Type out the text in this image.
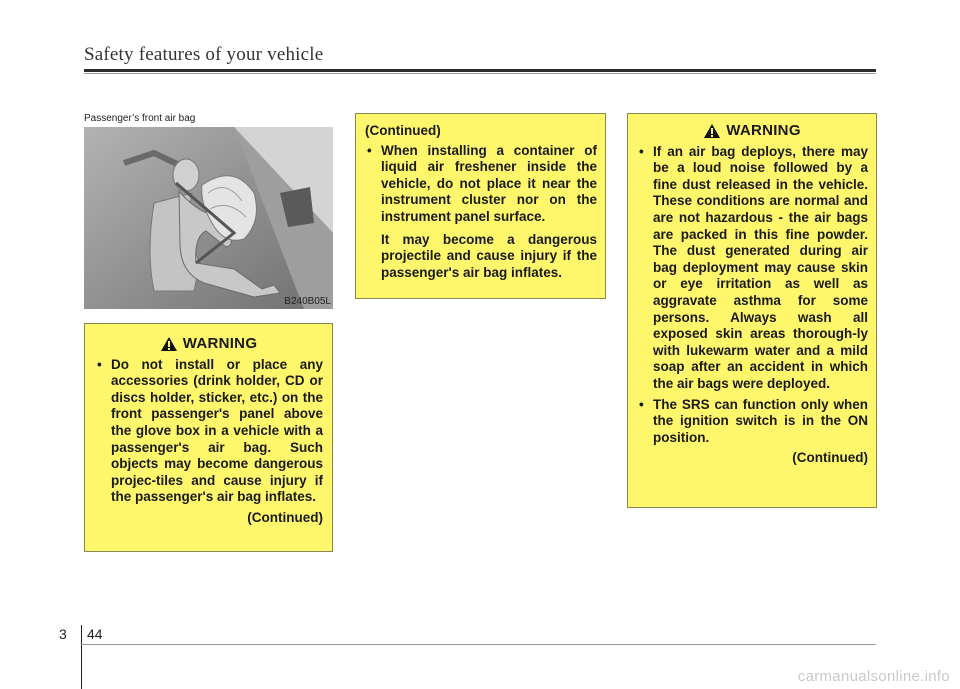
Safety features of your vehicle
Passenger’s front air bag
B240B05L
WARNING
• Do not install or place any accessories (drink holder, CD or discs holder, sticker, etc.) on the front passenger's panel above the glove box in a vehicle with a passenger's air bag. Such objects may become dangerous projec-tiles and cause injury if the passenger's air bag inflates.
(Continued)
(Continued)
• When installing a container of liquid air freshener inside the vehicle, do not place it near the instrument cluster nor on the instrument panel surface.
It may become a dangerous projectile and cause injury if the passenger's air bag inflates.
WARNING
• If an air bag deploys, there may be a loud noise followed by a fine dust released in the vehicle. These conditions are normal and are not hazardous - the air bags are packed in this fine powder. The dust generated during air bag deployment may cause skin or eye irritation as well as aggravate asthma for some persons. Always wash all exposed skin areas thorough-ly with lukewarm water and a mild soap after an accident in which the air bags were deployed.
• The SRS can function only when the ignition switch is in the ON position.
(Continued)
3 44
carmanualsonline.info
